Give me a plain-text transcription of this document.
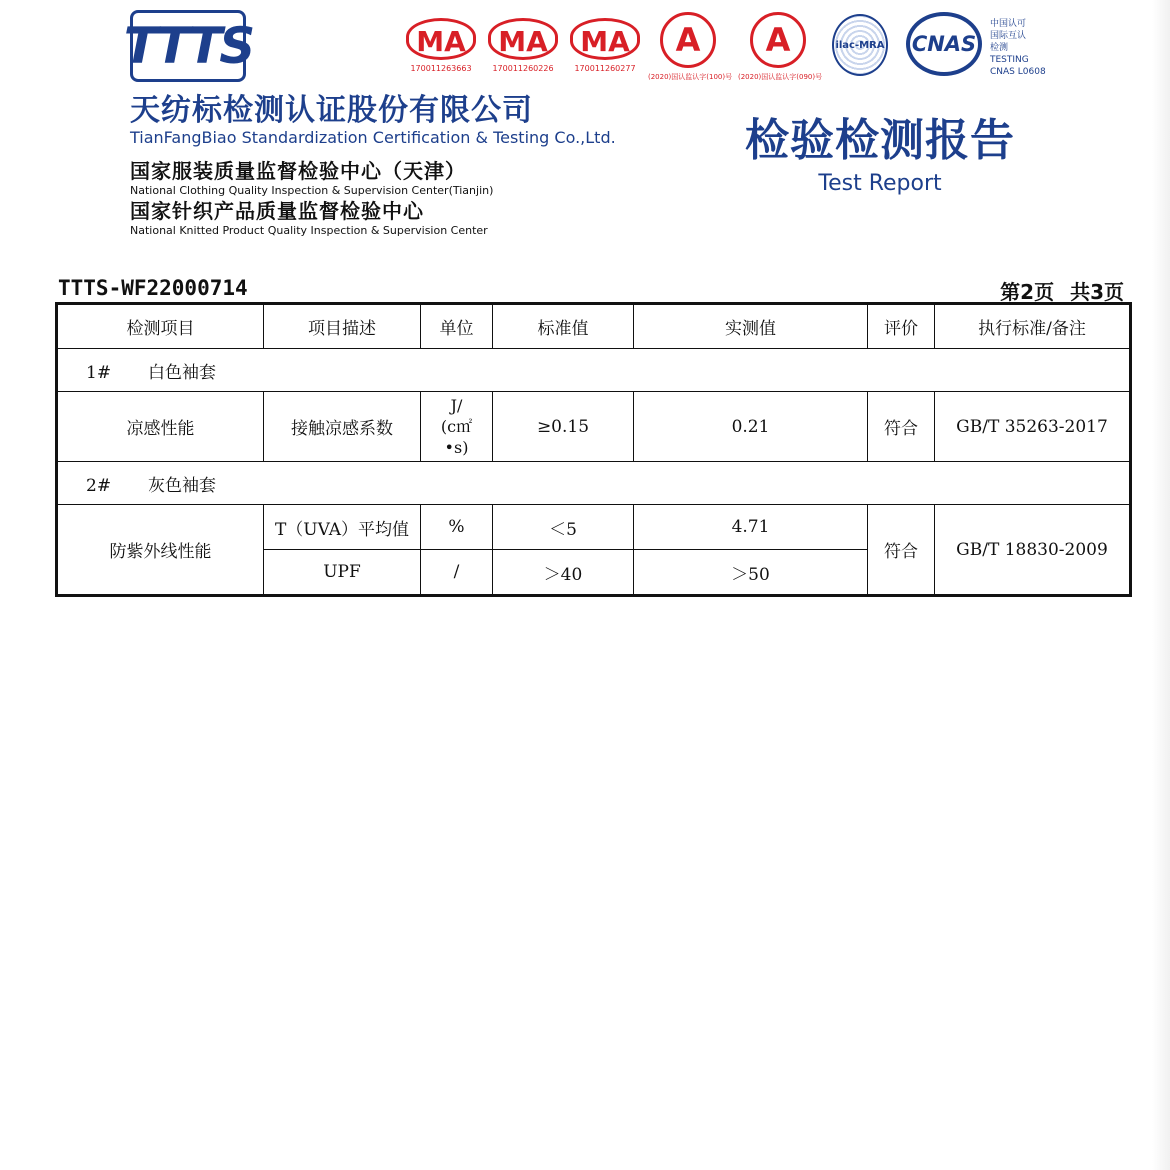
TTTS
天纺标检测认证股份有限公司
TianFangBiao Standardization Certification & Testing Co.,Ltd.
国家服装质量监督检验中心（天津）
National Clothing Quality Inspection & Supervision Center(Tianjin)
国家针织产品质量监督检验中心
National Knitted Product Quality Inspection & Supervision Center
MA
170011263663
MA
170011260226
MA
170011260277
A
(2020)国认监认字(100)号
A
(2020)国认监认字(090)号
ilac-MRA CNAS
中国认可
国际互认
检测
TESTING
CNAS L0608
检验检测报告
Test Report
TTTS-WF22000714	第2页 共3页
检测项目	项目描述	单位	标准值	实测值	评价	执行标准/备注
1# 白色袖套						
凉感性能	接触凉感系数	J/
(c㎡
•s)	≥0.15	0.21	符合	GB/T 35263-2017
2# 灰色袖套						
防紫外线性能	T（UVA）平均值	%	＜5	4.71	符合	GB/T 18830-2009
	UPF	/	＞40	＞50		
